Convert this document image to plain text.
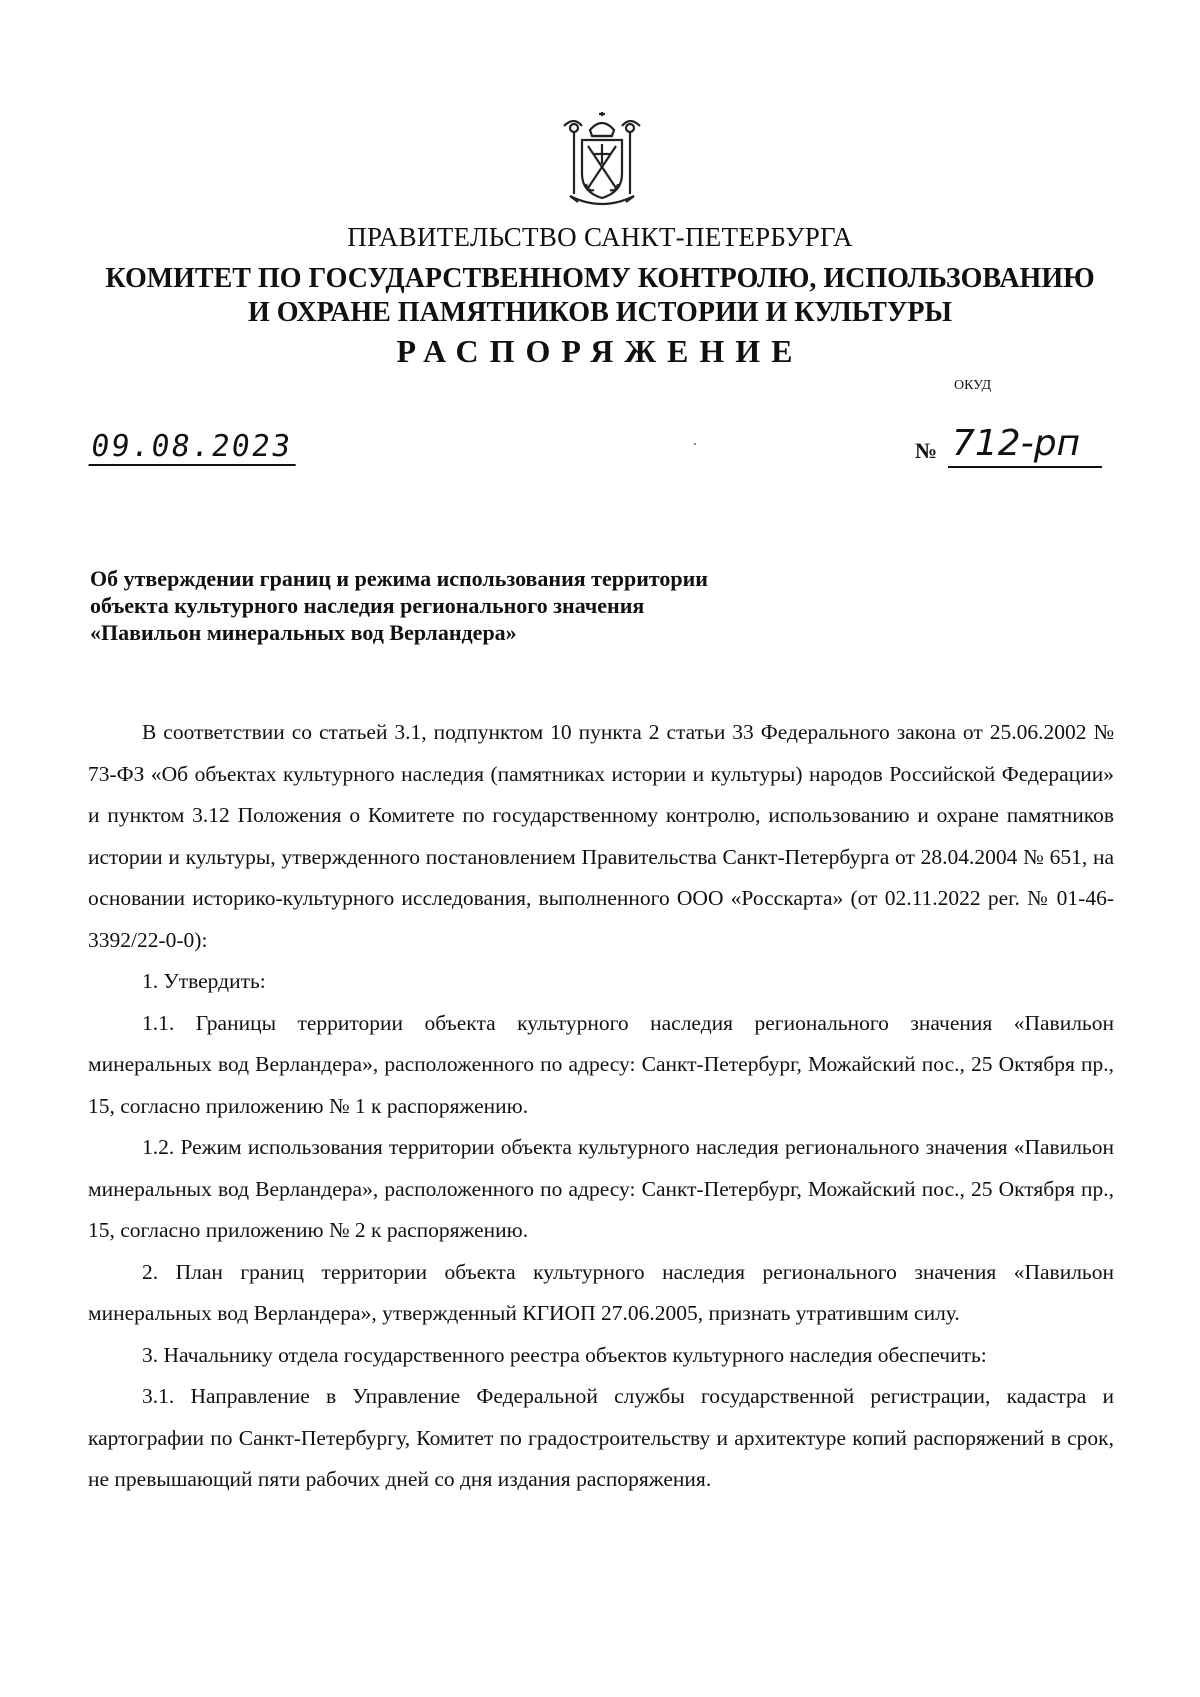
ПРАВИТЕЛЬСТВО САНКТ-ПЕТЕРБУРГА
КОМИТЕТ ПО ГОСУДАРСТВЕННОМУ КОНТРОЛЮ, ИСПОЛЬЗОВАНИЮ
И ОХРАНЕ ПАМЯТНИКОВ ИСТОРИИ И КУЛЬТУРЫ
РАСПОРЯЖЕНИЕ
ОКУД
09.08.2023	№ 712-рп
Об утверждении границ и режима использования территории
объекта культурного наследия регионального значения
«Павильон минеральных вод Верландера»

В соответствии со статьей 3.1, подпунктом 10 пункта 2 статьи 33 Федерального закона от 25.06.2002 № 73-ФЗ «Об объектах культурного наследия (памятниках истории и культуры) народов Российской Федерации» и пунктом 3.12 Положения о Комитете по государственному контролю, использованию и охране памятников истории и культуры, утвержденного постановлением Правительства Санкт-Петербурга от 28.04.2004 № 651, на основании историко-культурного исследования, выполненного ООО «Росскарта» (от 02.11.2022 рег. № 01-46-3392/22-0-0):

1. Утвердить:

1.1. Границы территории объекта культурного наследия регионального значения «Павильон минеральных вод Верландера», расположенного по адресу: Санкт-Петербург, Можайский пос., 25 Октября пр., 15, согласно приложению № 1 к распоряжению.

1.2. Режим использования территории объекта культурного наследия регионального значения «Павильон минеральных вод Верландера», расположенного по адресу: Санкт-Петербург, Можайский пос., 25 Октября пр., 15, согласно приложению № 2 к распоряжению.

2. План границ территории объекта культурного наследия регионального значения «Павильон минеральных вод Верландера», утвержденный КГИОП 27.06.2005, признать утратившим силу.

3. Начальнику отдела государственного реестра объектов культурного наследия обеспечить:

3.1. Направление в Управление Федеральной службы государственной регистрации, кадастра и картографии по Санкт-Петербургу, Комитет по градостроительству и архитектуре копий распоряжений в срок, не превышающий пяти рабочих дней со дня издания распоряжения.
